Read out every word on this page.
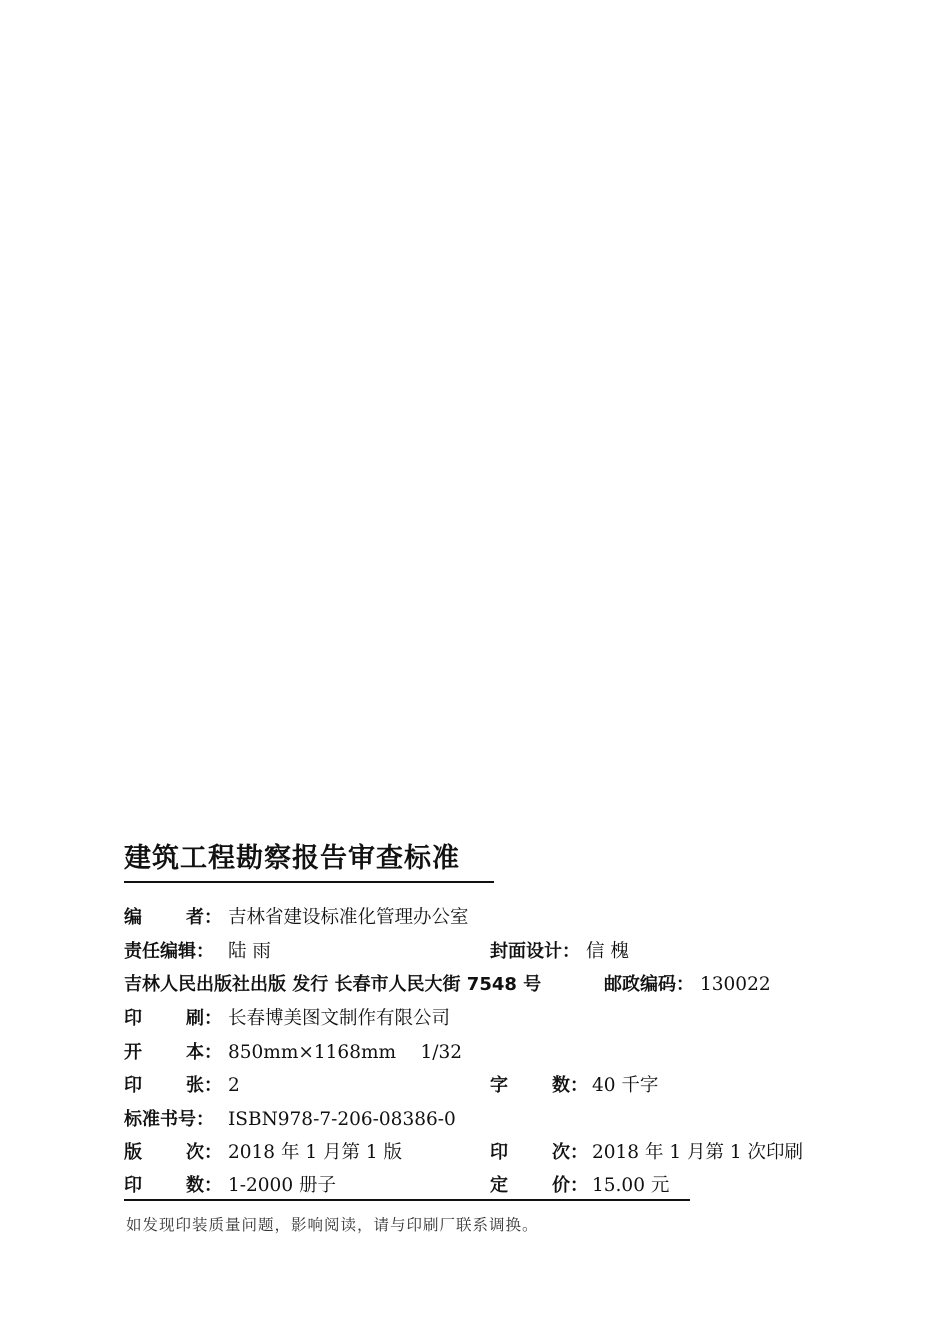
建筑工程勘察报告审查标准
编 者： 吉林省建设标准化管理办公室
责任编辑： 陆 雨	封面设计： 信 槐
吉林人民出版社出版 发行 长春市人民大街 7548 号	邮政编码： 130022
印 刷： 长春博美图文制作有限公司
开 本： 850mm×1168mm　 1/32
印 张： 2	字 数： 40 千字
标准书号： ISBN978-7-206-08386-0
版 次： 2018 年 1 月第 1 版	印 次： 2018 年 1 月第 1 次印刷
印 数： 1-2000 册子	定 价： 15.00 元
如发现印装质量问题，影响阅读，请与印刷厂联系调换。
